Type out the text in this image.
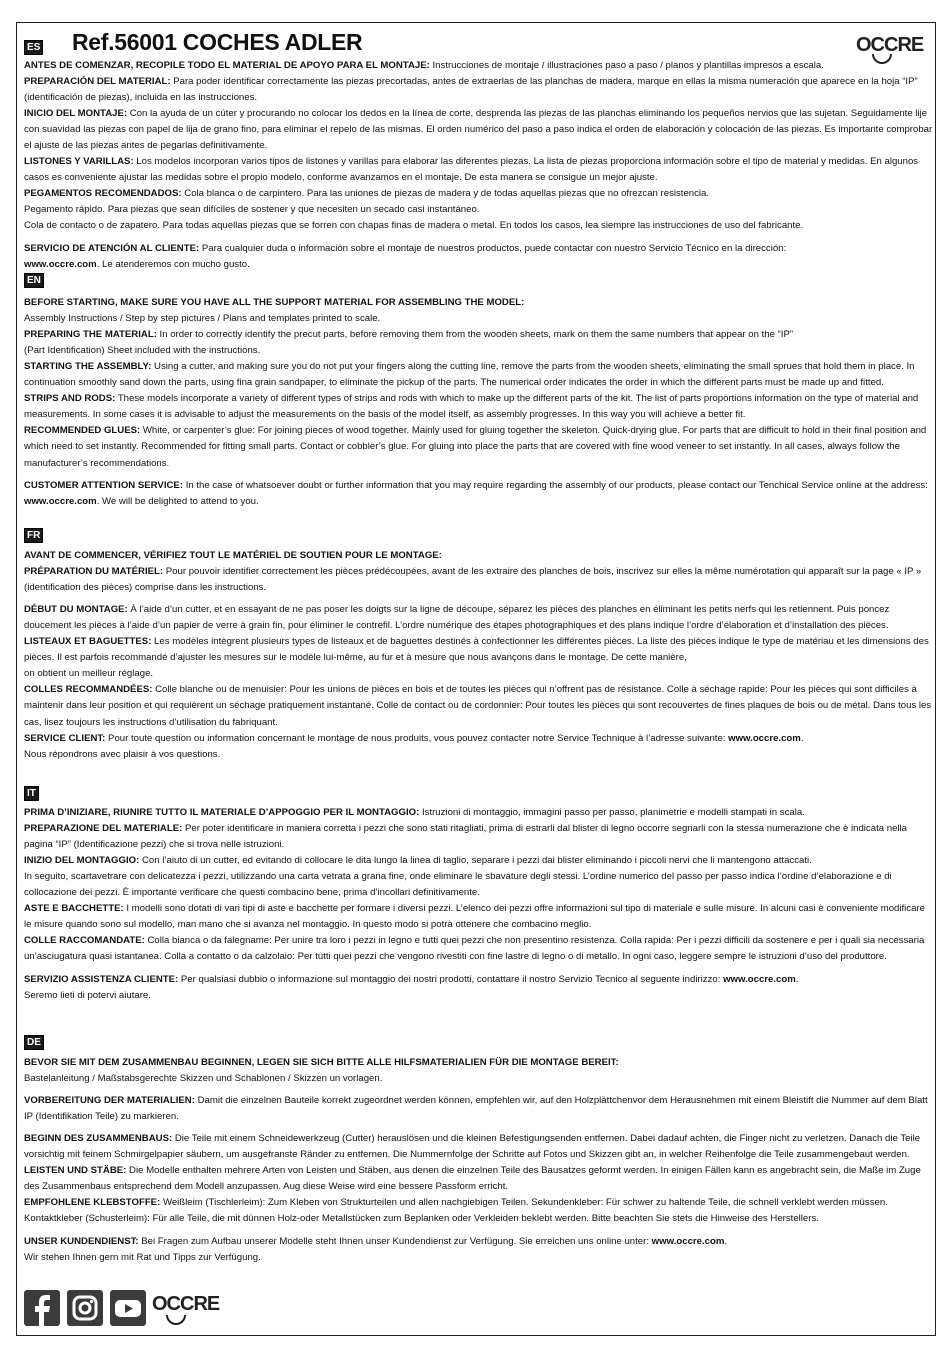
ES Ref.56001 COCHES ADLER	OCCRE

ANTES DE COMENZAR, RECOPILE TODO EL MATERIAL DE APOYO PARA EL MONTAJE: Instrucciones de montaje / illustraciones paso a paso / planos y plantillas impresos a escala.

PREPARACIÓN DEL MATERIAL: Para poder identificar correctamente las piezas precortadas, antes de extraerlas de las planchas de madera, marque en ellas la misma numeración que aparece en la hoja “IP” (identificación de piezas), incluida en las instrucciones.

INICIO DEL MONTAJE: Con la ayuda de un cúter y procurando no colocar los dedos en la línea de corte, desprenda las piezas de las planchas eliminando los pequeños nervios que las sujetan. Seguidamente lije con suavidad las piezas con papel de lija de grano fino, para eliminar el repelo de las mismas. El orden numérico del paso a paso indica el orden de elaboración y colocación de las piezas. Es importante comprobar el ajuste de las piezas antes de pegarlas definitivamente.

LISTONES Y VARILLAS: Los modelos incorporan varios tipos de listones y varillas para elaborar las diferentes piezas. La lista de piezas proporciona información sobre el tipo de material y medidas. En algunos casos es conveniente ajustar las medidas sobre el propio modelo, conforme avanzamos en el montaje. De esta manera se consigue un mejor ajuste.

PEGAMENTOS RECOMENDADOS: Cola blanca o de carpintero. Para las uniones de piezas de madera y de todas aquellas piezas que no ofrezcan resistencia.

Pegamento rápido. Para piezas que sean difíciles de sostener y que necesiten un secado casi instantáneo.

Cola de contacto o de zapatero. Para todas aquellas piezas que se forren con chapas finas de madera o metal. En todos los casos, lea siempre las instrucciones de uso del fabricante.

SERVICIO DE ATENCIÓN AL CLIENTE: Para cualquier duda o información sobre el montaje de nuestros productos, puede contactar con nuestro Servicio Técnico en la dirección:
www.occre.com. Le atenderemos con mucho gusto.

EN

BEFORE STARTING, MAKE SURE YOU HAVE ALL THE SUPPORT MATERIAL FOR ASSEMBLING THE MODEL:

Assembly Instructions / Step by step pictures / Plans and templates printed to scale.

PREPARING THE MATERIAL: In order to correctly identify the precut parts, before removing them from the wooden sheets, mark on them the same numbers that appear on the “IP”
(Part Identification) Sheet included with the instructions.

STARTING THE ASSEMBLY: Using a cutter, and making sure you do not put your fingers along the cutting line, remove the parts from the wooden sheets, eliminating the small sprues that hold them in place. In continuation smoothly sand down the parts, using fina grain sandpaper, to eliminate the pickup of the parts. The numerical order indicates the order in which the different parts must be made up and fitted.

STRIPS AND RODS: These models incorporate a variety of different types of strips and rods with which to make up the different parts of the kit. The list of parts proportions information on the type of material and measurements. In some cases it is advisable to adjust the measurements on the basis of the model itself, as assembly progresses. In this way you will achieve a better fit.

RECOMMENDED GLUES: White, or carpenter’s glue: For joining pieces of wood together. Mainly used for gluing together the skeleton. Quick-drying glue. For parts that are difficult to hold in their final position and which need to set instantly. Recommended for fitting small parts. Contact or cobbler’s glue. For gluing into place the parts that are covered with fine wood veneer to set instantly. In all cases, always follow the manufacturer’s recommendations.

CUSTOMER ATTENTION SERVICE: In the case of whatsoever doubt or further information that you may require regarding the assembly of our products, please contact our Tenchical Service online at the address: www.occre.com. We will be delighted to attend to you.

FR

AVANT DE COMMENCER, VÉRIFIEZ TOUT LE MATÉRIEL DE SOUTIEN POUR LE MONTAGE:

PRÉPARATION DU MATÉRIEL: Pour pouvoir identifier correctement les pièces prédécoupées, avant de les extraire des planches de bois, inscrivez sur elles la même numérotation qui apparaît sur la page « IP » (identification des pièces) comprise dans les instructions.

DÉBUT DU MONTAGE: À l’aide d’un cutter, et en essayant de ne pas poser les doigts sur la ligne de découpe, séparez les pièces des planches en éliminant les petits nerfs qui les retiennent. Puis poncez doucement les pièces à l’aide d’un papier de verre à grain fin, pour éliminer le contrefil. L’ordre numérique des étapes photographiques et des plans indique l’ordre d’élaboration et d’installation des pièces.

LISTEAUX ET BAGUETTES: Les modèles intègrent plusieurs types de listeaux et de baguettes destinés à confectionner les différentes pièces. La liste des pièces indique le type de matériau et les dimensions des pièces. Il est parfois recommandé d’ajuster les mesures sur le modèle lui-même, au fur et à mesure que nous avançons dans le montage. De cette manière,
on obtient un meilleur réglage.

COLLES RECOMMANDÉES: Colle blanche ou de menuisier: Pour les unions de pièces en bois et de toutes les pièces qui n’offrent pas de résistance. Colle à séchage rapide: Pour les pièces qui sont difficiles à maintenir dans leur position et qui requièrent un séchage pratiquement instantané. Colle de contact ou de cordonnier: Pour toutes les pièces qui sont recouvertes de fines plaques de bois ou de métal. Dans tous les cas, lisez toujours les instructions d’utilisation du fabriquant.

SERVICE CLIENT: Pour toute question ou information concernant le montage de nous produits, vous pouvez contacter notre Service Technique à l’adresse suivante: www.occre.com.
Nous répondrons avec plaisir à vos questions.

IT

PRIMA D’INIZIARE, RIUNIRE TUTTO IL MATERIALE D’APPOGGIO PER IL MONTAGGIO: Istruzioni di montaggio, immagini passo per passo, planimetrie e modelli stampati in scala.

PREPARAZIONE DEL MATERIALE: Per poter identificare in maniera corretta i pezzi che sono stati ritagliati, prima di estrarli dal blister di legno occorre segnarli con la stessa numerazione che è indicata nella pagina “IP” (Identificazione pezzi) che si trova nelle istruzioni.

INIZIO DEL MONTAGGIO: Con l’aiuto di un cutter, ed evitando di collocare le dita lungo la linea di taglio, separare i pezzi dai blister eliminando i piccoli nervi che li mantengono attaccati.
In seguito, scartavetrare con delicatezza i pezzi, utilizzando una carta vetrata a grana fine, onde eliminare le sbavature degli stessi. L’ordine numerico del passo per passo indica l’ordine d’elaborazione e di collocazione dei pezzi. È importante verificare che questi combacino bene, prima d’incollari definitivamente.

ASTE E BACCHETTE: I modelli sono dotati di vari tipi di aste e bacchette per formare i diversi pezzi. L’elenco dei pezzi offre informazioni sul tipo di materiale e sulle misure. In alcuni casi è conveniente modificare le misure quando sono sul modello, man mano che si avanza nel montaggio. In questo modo si potrà ottenere che combacino meglio.

COLLE RACCOMANDATE: Colla bianca o da falegname: Per unire tra loro i pezzi in legno e tutti quei pezzi che non presentino resistenza. Colla rapida: Per i pezzi difficili da sostenere e per i quali sia necessaria un’asciugatura quasi istantanea. Colla a contatto o da calzolaio: Per tutti quei pezzi che vengono rivestiti con fine lastre di legno o di metallo. In ogni caso, leggere sempre le istruzioni d’uso del produttore.

SERVIZIO ASSISTENZA CLIENTE: Per qualsiasi dubbio o informazione sul montaggio dei nostri prodotti, contattare il nostro Servizio Tecnico al seguente indirizzo: www.occre.com.
Seremo lieti di potervi aiutare.

DE

BEVOR SIE MIT DEM ZUSAMMENBAU BEGINNEN, LEGEN SIE SICH BITTE ALLE HILFSMATERIALIEN FÜR DIE MONTAGE BEREIT:

Bastelanleitung / Maßstabsgerechte Skizzen und Schablonen / Skizzen un vorlagen.

VORBEREITUNG DER MATERIALIEN: Damit die einzelnen Bauteile korrekt zugeordnet werden können, empfehlen wir, auf den Holzplättchenvor dem Herausnehmen mit einem Bleistift die Nummer auf dem Blatt IP (Identifikation Teile) zu markieren.

BEGINN DES ZUSAMMENBAUS: Die Teile mit einem Schneidewerkzeug (Cutter) herauslösen und die kleinen Befestigungsenden entfernen. Dabei dadauf achten, die Finger nicht zu verletzen. Danach die Teile vorsichtig mit feinem Schmirgelpapier säubern, um ausgefranste Ränder zu entfernen. Die Nummernfolge der Schritte auf Fotos und Skizzen gibt an, in welcher Reihenfolge die Teile zusammengebaut werden.

LEISTEN UND STÄBE: Die Modelle enthalten mehrere Arten von Leisten und Stäben, aus denen die einzelnen Teile des Bausatzes geformt werden. In einigen Fällen kann es angebracht sein, die Maße im Zuge des Zusammenbaus entsprechend dem Modell anzupassen. Aug diese Weise wird eine bessere Passform erricht.

EMPFOHLENE KLEBSTOFFE: Weißleim (Tischlerleim): Zum Kleben von Strukturteilen und allen nachgiebigen Teilen. Sekundenkleber: Für schwer zu haltende Teile, die schnell verklebt werden müssen. Kontaktkleber (Schusterleim): Für alle Teile, die mit dünnen Holz-oder Metallstücken zum Beplanken oder Verkleiden beklebt werden. Bitte beachten Sie stets die Hinweise des Herstellers.

UNSER KUNDENDIENST: Bei Fragen zum Aufbau unserer Modelle steht Ihnen unser Kundendienst zur Verfügung. Sie erreichen uns online unter: www.occre.com.
Wir stehen Ihnen gern mit Rat und Tipps zur Verfügung.

OCCRE
